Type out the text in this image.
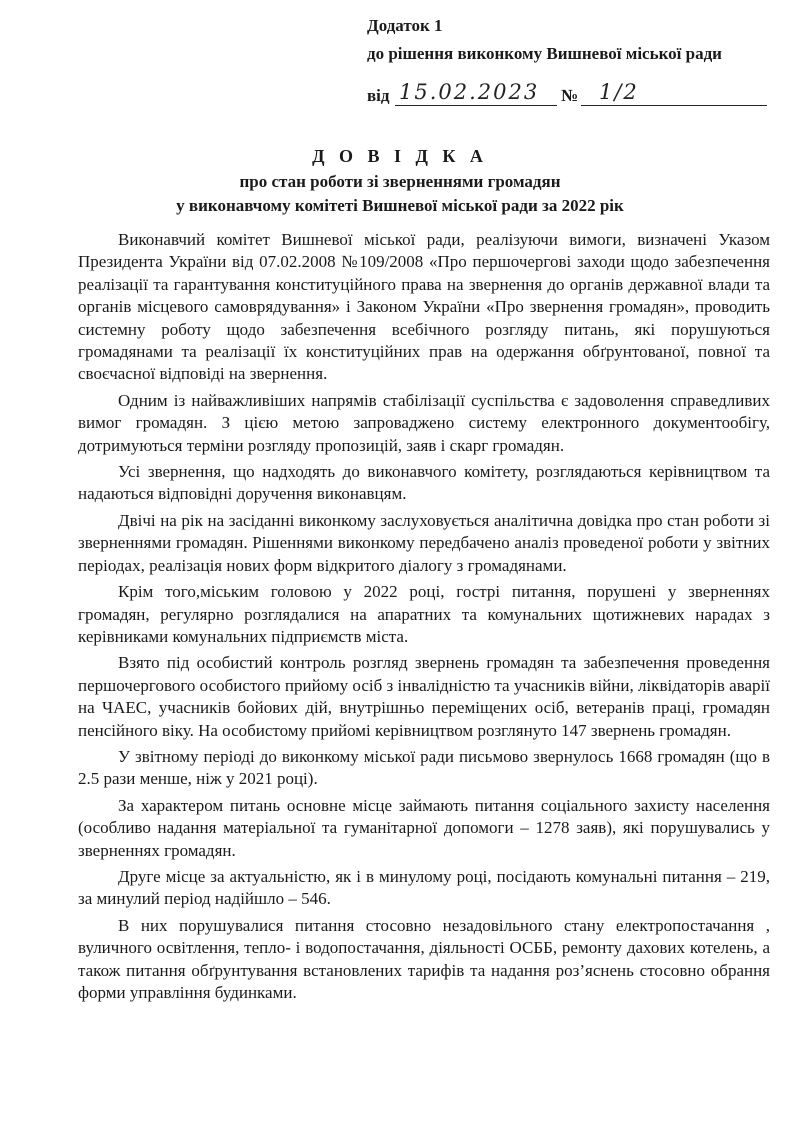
Додаток 1
до рішення виконкому Вишневої міської ради
від 15.02.2023 № 1/2
Д О В І Д К А
про стан роботи зі зверненнями громадян
у виконавчому комітеті Вишневої міської ради за 2022 рік

Виконавчий комітет Вишневої міської ради, реалізуючи вимоги, визначені Указом Президента України від 07.02.2008 №109/2008 «Про першочергові заходи щодо забезпечення реалізації та гарантування конституційного права на звернення до органів державної влади та органів місцевого самоврядування» і Законом України «Про звернення громадян», проводить системну роботу щодо забезпечення всебічного розгляду питань, які порушуються громадянами та реалізації їх конституційних прав на одержання обґрунтованої, повної та своєчасної відповіді на звернення.

Одним із найважливіших напрямів стабілізації суспільства є задоволення справедливих вимог громадян. З цією метою запроваджено систему електронного документообігу, дотримуються терміни розгляду пропозицій, заяв і скарг громадян.

Усі звернення, що надходять до виконавчого комітету, розглядаються керівництвом та надаються відповідні доручення виконавцям.

Двічі на рік на засіданні виконкому заслуховується аналітична довідка про стан роботи зі зверненнями громадян. Рішеннями виконкому передбачено аналіз проведеної роботи у звітних періодах, реалізація нових форм відкритого діалогу з громадянами.

Крім того,міським головою у 2022 році, гострі питання, порушені у зверненнях громадян, регулярно розглядалися на апаратних та комунальних щотижневих нарадах з керівниками комунальних підприємств міста.

Взято під особистий контроль розгляд звернень громадян та забезпечення проведення першочергового особистого прийому осіб з інвалідністю та учасників війни, ліквідаторів аварії на ЧАЕС, учасників бойових дій, внутрішньо переміщених осіб, ветеранів праці, громадян пенсійного віку. На особистому прийомі керівництвом розглянуто 147 звернень громадян.

У звітному періоді до виконкому міської ради письмово звернулось 1668 громадян (що в 2.5 рази менше, ніж у 2021 році).

За характером питань основне місце займають питання соціального захисту населення (особливо надання матеріальної та гуманітарної допомоги – 1278 заяв), які порушувались у зверненнях громадян.

Друге місце за актуальністю, як і в минулому році, посідають комунальні питання – 219, за минулий період надійшло – 546.

В них порушувалися питання стосовно незадовільного стану електропостачання , вуличного освітлення, тепло- і водопостачання, діяльності ОСББ, ремонту дахових котелень, а також питання обґрунтування встановлених тарифів та надання роз’яснень стосовно обрання форми управління будинками.
